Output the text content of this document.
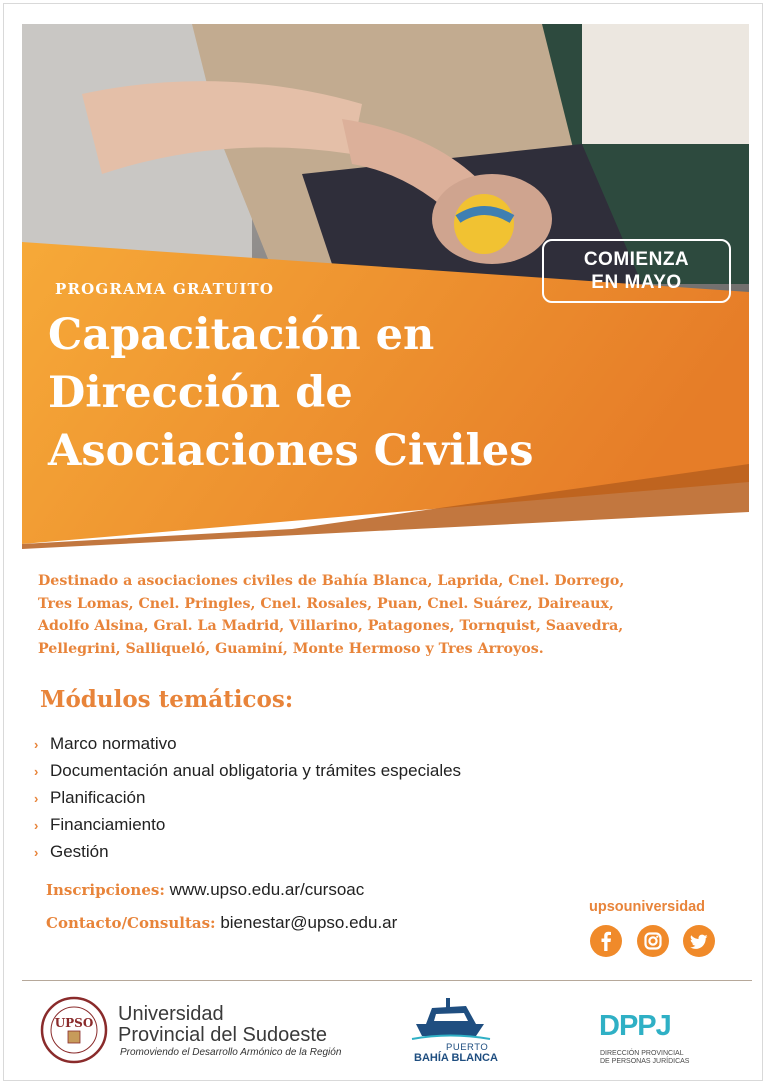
COMIENZA
EN MAYO
PROGRAMA GRATUITO
Capacitación en
Dirección de
Asociaciones Civiles
Destinado a asociaciones civiles de Bahía Blanca, Laprida, Cnel. Dorrego,
Tres Lomas, Cnel. Pringles, Cnel. Rosales, Puan, Cnel. Suárez, Daireaux,
Adolfo Alsina, Gral. La Madrid, Villarino, Patagones, Tornquist, Saavedra,
Pellegrini, Salliqueló, Guaminí, Monte Hermoso y Tres Arroyos.
Módulos temáticos:
› Marco normativo
› Documentación anual obligatoria y trámites especiales
› Planificación
› Financiamiento
› Gestión
Inscripciones: www.upso.edu.ar/cursoac
Contacto/Consultas: bienestar@upso.edu.ar
upsouniversidad
UPSO Universidad
Provincial del Sudoeste
Promoviendo el Desarrollo Armónico de la Región	PUERTO
BAHÍA BLANCA
DPPJ
DIRECCIÓN PROVINCIAL
DE PERSONAS JURÍDICAS
